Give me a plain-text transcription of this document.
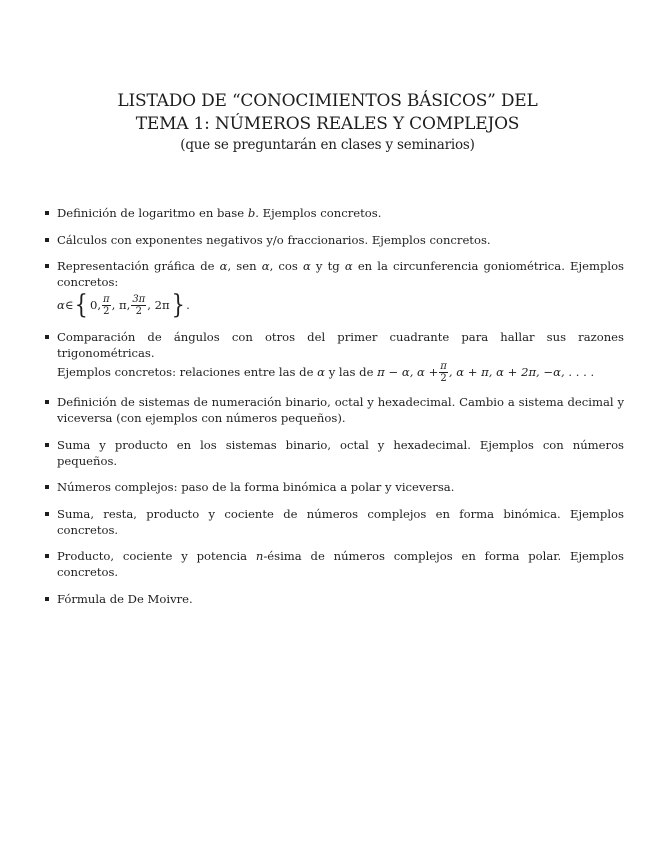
LISTADO DE “CONOCIMIENTOS BÁSICOS” DEL
TEMA 1: NÚMEROS REALES Y COMPLEJOS
(que se preguntarán en clases y seminarios)
Definición de logaritmo en base b. Ejemplos concretos.
Cálculos con exponentes negativos y/o fraccionarios. Ejemplos concretos.
Representación gráfica de α, sen α, cos α y tg α en la circunferencia goniométrica. Ejemplos concretos:

α ∈ { 0, $\frac{\pi}{2}$ , π, $\frac{3\pi}{2}$ , 2π } .
Comparación de ángulos con otros del primer cuadrante para hallar sus razones trigonométricas.

Ejemplos concretos: relaciones entre las de
α
y las de
π − α, $\alpha + \frac{\pi}{2}$ , α + π, α + 2π, −α, . . . .
Definición de sistemas de numeración binario, octal y hexadecimal. Cambio a sistema decimal y viceversa (con ejemplos con números pequeños).
Suma y producto en los sistemas binario, octal y hexadecimal. Ejemplos con números pequeños.
Números complejos: paso de la forma binómica a polar y viceversa.
Suma, resta, producto y cociente de números complejos en forma binómica. Ejemplos concretos.
Producto, cociente y potencia n-ésima de números complejos en forma polar. Ejemplos concretos.
Fórmula de De Moivre.
